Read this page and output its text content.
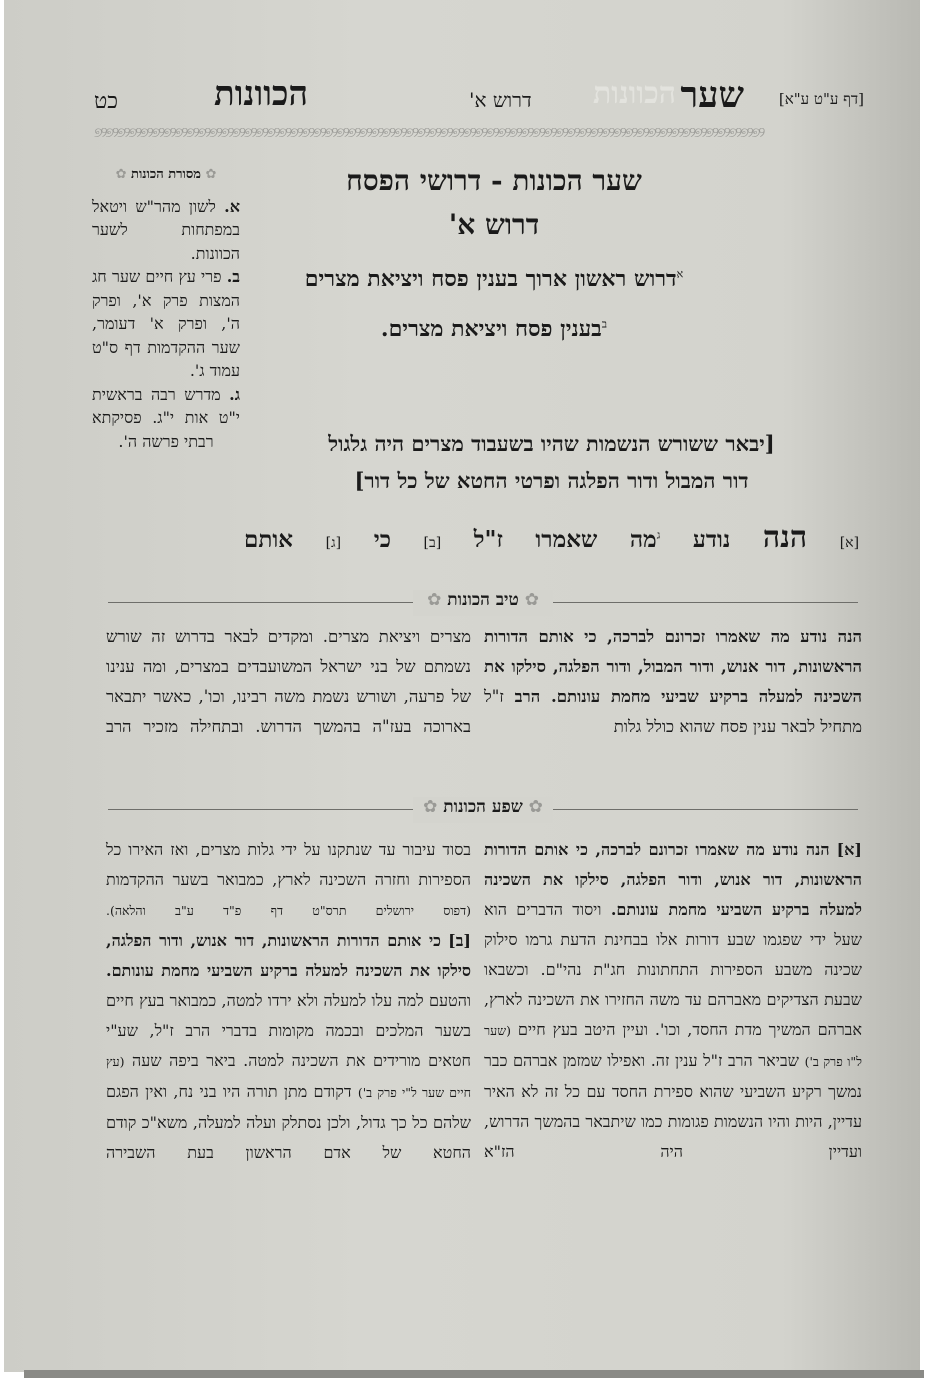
[דף ע"ט ע"א]
הכוונות שער
דרוש א'
הכוונות
כט
୭୨୭୨୭୨୭୨୭୨୭୨୭୨୭୨୭୨୭୨୭୨୭୨୭୨୭୨୭୨୭୨୭୨୭୨୭୨୭୨୭୨୭୨୭୨୭୨୭୨୭୨୭୨୭୨୭୨୭୨୭୨୭୨୭୨୭୨୭୨୭୨୭୨୭୨୭୨୭୨୭୨୭୨୭୨୭୨୭୨୭୨୭୨୭୨୭୨୭୨୭୨୭୨୭୨୭୨୭୨୭୨୭୨୭୨
✿ מסורת הכונות ✿
א. לשון מהר"ש ויטאל במפתחות לשער הכוונות.
ב. פרי עץ חיים שער חג המצות פרק א', ופרק ה', ופרק א' דעומר, שער ההקדמות דף ס"ט עמוד ג'.
ג. מדרש רבה בראשית י"ט אות י"ג. פסיקתא רבתי פרשה ה'.
שער הכונות - דרושי הפסח
דרוש א'
$^א$דרוש ראשון ארוך בענין פסח ויציאת מצרים
$^ב$בענין פסח ויציאת מצרים.
[יבאר ששורש הנשמות שהיו בשעבוד מצרים היה גלגול
דור המבול ודור הפלגה ופרטי החטא של כל דור]
[א] הנה נודע $^ג$מה שאמרו ז"ל [ב] כי [ג] אותם
✿ טיב הכונות ✿
הנה נודע מה שאמרו זכרונם לברכה, כי אותם הדורות הראשונות, דור אנוש, ודור המבול, ודור הפלגה, סילקו את השכינה למעלה ברקיע שביעי מחמת עונותם. הרב ז"ל מתחיל לבאר ענין פסח שהוא כולל גלות
מצרים ויציאת מצרים. ומקדים לבאר בדרוש זה שורש נשמתם של בני ישראל המשועבדים במצרים, ומה ענינו של פרעה, ושורש נשמת משה רבינו, וכו', כאשר יתבאר בארוכה בעז"ה בהמשך הדרוש. ובתחילה מזכיר הרב
✿ שפע הכונות ✿
[א] הנה נודע מה שאמרו זכרונם לברכה, כי אותם הדורות הראשונות, דור אנוש, ודור הפלגה, סילקו את השכינה למעלה ברקיע השביעי מחמת עונותם. ויסוד הדברים הוא שעל ידי שפגמו שבע דורות אלו בבחינת הדעת גרמו סילוק שכינה משבע הספירות התחתונות חג"ת נהי"ם. וכשבאו שבעת הצדיקים מאברהם עד משה החזירו את השכינה לארץ, אברהם המשיך מדת החסד, וכו'. ועיין היטב בעץ חיים (שער ל"ו פרק ב') שביאר הרב ז"ל ענין זה. ואפילו שמזמן אברהם כבר נמשך רקיע השביעי שהוא ספירת החסד עם כל זה לא האיר עדיין, היות והיו הנשמות פגומות כמו שיתבאר בהמשך הדרוש, ועדיין היה הז"א
בסוד עיבור עד שנתקנו על ידי גלות מצרים, ואז האירו כל הספירות וחזרה השכינה לארץ, כמבואר בשער ההקדמות (דפוס ירושלים תרס"ט דף פ"ד ע"ב והלאה).
[ב] כי אותם הדורות הראשונות, דור אנוש, ודור הפלגה, סילקו את השכינה למעלה ברקיע השביעי מחמת עונותם. והטעם למה עלו למעלה ולא ירדו למטה, כמבואר בעץ חיים בשער המלכים ובכמה מקומות בדברי הרב ז"ל, שע"י חטאים מורידים את השכינה למטה. ביאר ביפה שעה (עץ חיים שער ל"י פרק ב') דקודם מתן תורה היו בני נח, ואין הפגם שלהם כל כך גדול, ולכן נסתלק ועלה למעלה, משא"כ קודם החטא של אדם הראשון בעת השבירה
